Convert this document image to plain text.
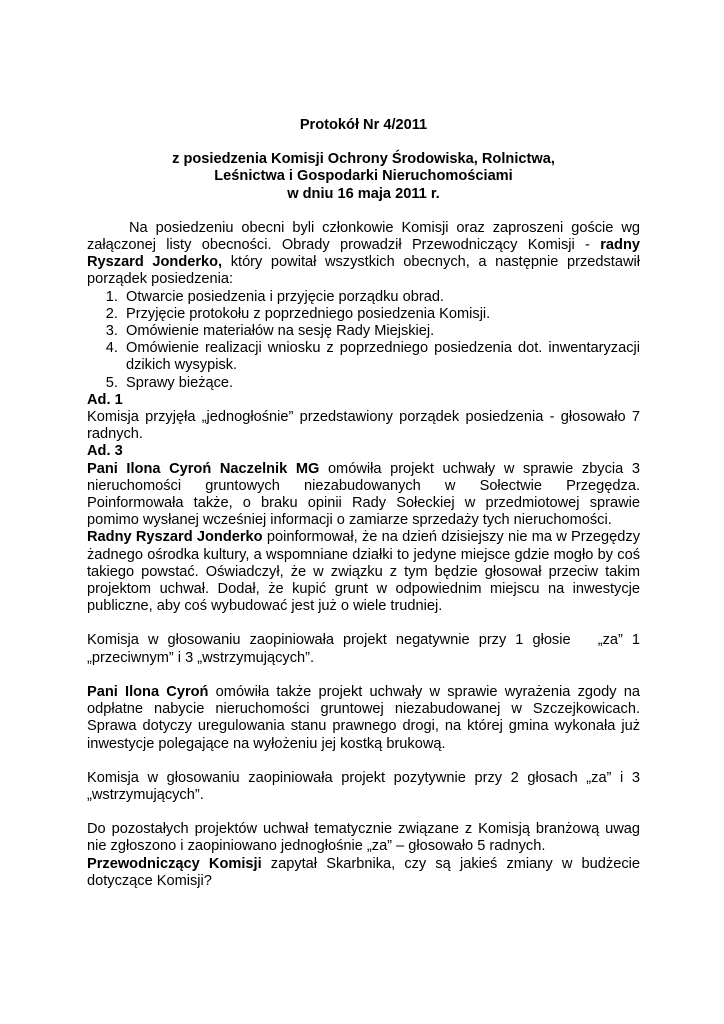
Protokół Nr 4/2011

z posiedzenia Komisji Ochrony Środowiska, Rolnictwa,

Leśnictwa i Gospodarki Nieruchomościami

w dniu 16 maja 2011 r.

Na posiedzeniu obecni byli członkowie Komisji oraz zaproszeni goście wg załączonej listy obecności. Obrady prowadził Przewodniczący Komisji - radny Ryszard Jonderko, który powitał wszystkich obecnych, a następnie przedstawił porządek posiedzenia:

1. Otwarcie posiedzenia i przyjęcie porządku obrad.
2. Przyjęcie protokołu z poprzedniego posiedzenia Komisji.
3. Omówienie materiałów na sesję Rady Miejskiej.
4. Omówienie realizacji wniosku z poprzedniego posiedzenia dot. inwentaryzacji dzikich wysypisk.
5. Sprawy bieżące.

Ad. 1

Komisja przyjęła „jednogłośnie” przedstawiony porządek posiedzenia - głosowało 7 radnych.

Ad. 3

Pani Ilona Cyroń Naczelnik MG omówiła projekt uchwały w sprawie zbycia 3 nieruchomości gruntowych niezabudowanych w Sołectwie Przegędza. Poinformowała także, o braku opinii Rady Sołeckiej w przedmiotowej sprawie pomimo wysłanej wcześniej informacji o zamiarze sprzedaży tych nieruchomości.

Radny Ryszard Jonderko poinformował, że na dzień dzisiejszy nie ma w Przegędzy żadnego ośrodka kultury, a wspomniane działki to jedyne miejsce gdzie mogło by coś takiego powstać. Oświadczył, że w związku z tym będzie głosował przeciw takim projektom uchwał. Dodał, że kupić grunt w odpowiednim miejscu na inwestycje publiczne, aby coś wybudować jest już o wiele trudniej.

Komisja w głosowaniu zaopiniowała projekt negatywnie przy 1 głosie   „za” 1 „przeciwnym” i 3 „wstrzymujących”.

Pani Ilona Cyroń omówiła także projekt uchwały w sprawie wyrażenia zgody na odpłatne nabycie nieruchomości gruntowej niezabudowanej w Szczejkowicach. Sprawa dotyczy uregulowania stanu prawnego drogi, na której gmina wykonała już inwestycje polegające na wyłożeniu jej kostką brukową.

Komisja w głosowaniu zaopiniowała projekt pozytywnie przy 2 głosach „za” i 3 „wstrzymujących”.

Do pozostałych projektów uchwał tematycznie związane z Komisją branżową uwag nie zgłoszono i zaopiniowano jednogłośnie „za” – głosowało 5 radnych.

Przewodniczący Komisji zapytał Skarbnika, czy są jakieś zmiany w budżecie dotyczące Komisji?
